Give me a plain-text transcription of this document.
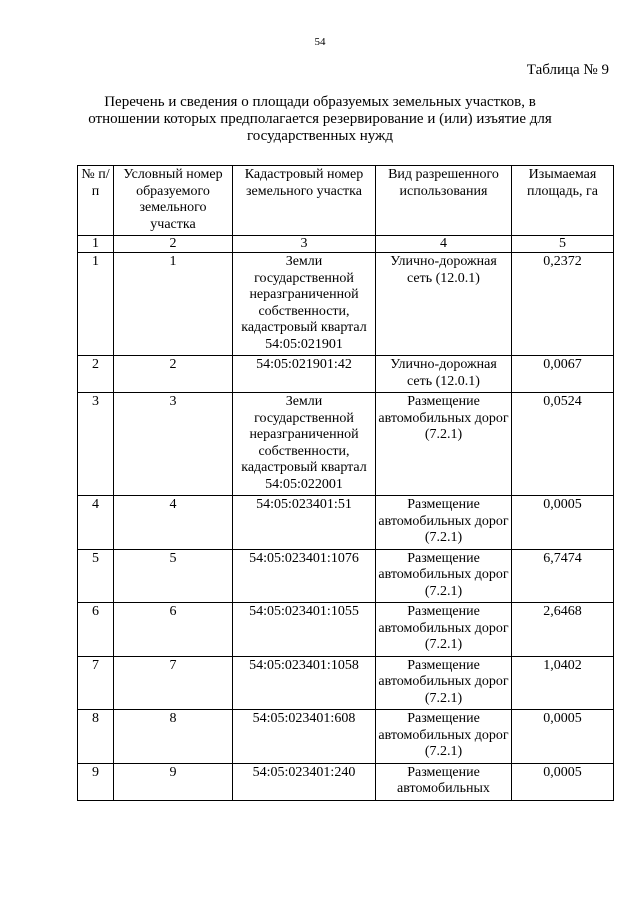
54
Таблица № 9
Перечень и сведения о площади образуемых земельных участков, в отношении которых предполагается резервирование и (или) изъятие для государственных нужд
№ п/п	Условный номер образуемого земельного участка	Кадастровый номер земельного участка	Вид разрешенного использования	Изымаемая площадь, га
1	2	3	4	5
1	1	Земли государственной неразграниченной собственности, кадастровый квартал 54:05:021901	Улично-дорожная сеть (12.0.1)	0,2372
2	2	54:05:021901:42	Улично-дорожная сеть (12.0.1)	0,0067
3	3	Земли государственной неразграниченной собственности, кадастровый квартал 54:05:022001	Размещение автомобильных дорог (7.2.1)	0,0524
4	4	54:05:023401:51	Размещение автомобильных дорог (7.2.1)	0,0005
5	5	54:05:023401:1076	Размещение автомобильных дорог (7.2.1)	6,7474
6	6	54:05:023401:1055	Размещение автомобильных дорог (7.2.1)	2,6468
7	7	54:05:023401:1058	Размещение автомобильных дорог (7.2.1)	1,0402
8	8	54:05:023401:608	Размещение автомобильных дорог (7.2.1)	0,0005
9	9	54:05:023401:240	Размещение автомобильных	0,0005
